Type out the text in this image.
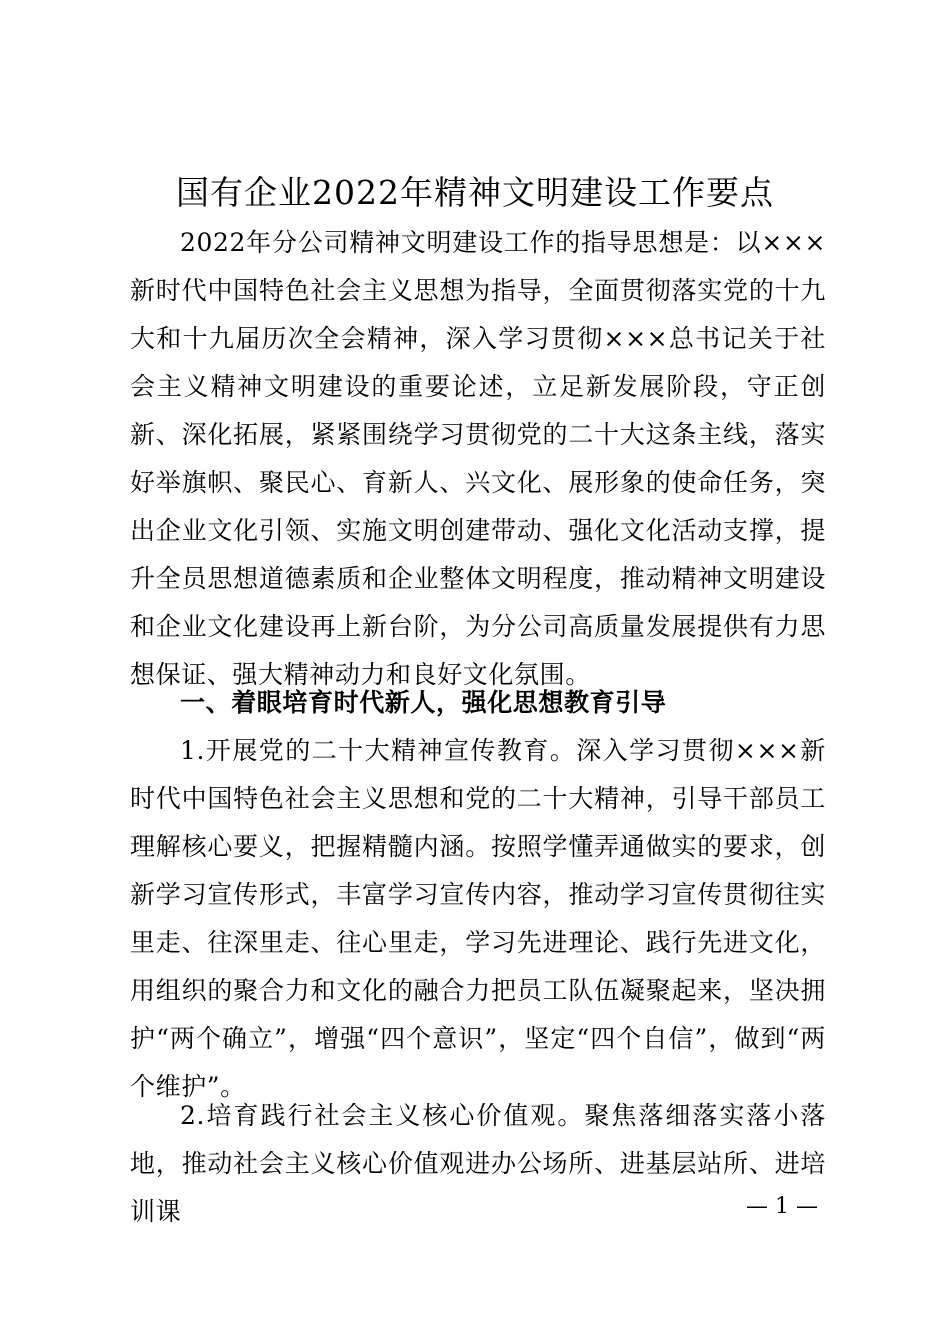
国有企业2022年精神文明建设工作要点

2022年分公司精神文明建设工作的指导思想是：以×××新时代中国特色社会主义思想为指导，全面贯彻落实党的十九大和十九届历次全会精神，深入学习贯彻×××总书记关于社会主义精神文明建设的重要论述，立足新发展阶段，守正创新、深化拓展，紧紧围绕学习贯彻党的二十大这条主线，落实好举旗帜、聚民心、育新人、兴文化、展形象的使命任务，突出企业文化引领、实施文明创建带动、强化文化活动支撑，提升全员思想道德素质和企业整体文明程度，推动精神文明建设和企业文化建设再上新台阶，为分公司高质量发展提供有力思想保证、强大精神动力和良好文化氛围。

一、着眼培育时代新人，强化思想教育引导

1.开展党的二十大精神宣传教育。深入学习贯彻×××新时代中国特色社会主义思想和党的二十大精神，引导干部员工理解核心要义，把握精髓内涵。按照学懂弄通做实的要求，创新学习宣传形式，丰富学习宣传内容，推动学习宣传贯彻往实里走、往深里走、往心里走，学习先进理论、践行先进文化，用组织的聚合力和文化的融合力把员工队伍凝聚起来，坚决拥护“两个确立”，增强“四个意识”，坚定“四个自信”，做到“两个维护”。

2.培育践行社会主义核心价值观。聚焦落细落实落小落地，推动社会主义核心价值观进办公场所、进基层站所、进培训课	— 1 —
